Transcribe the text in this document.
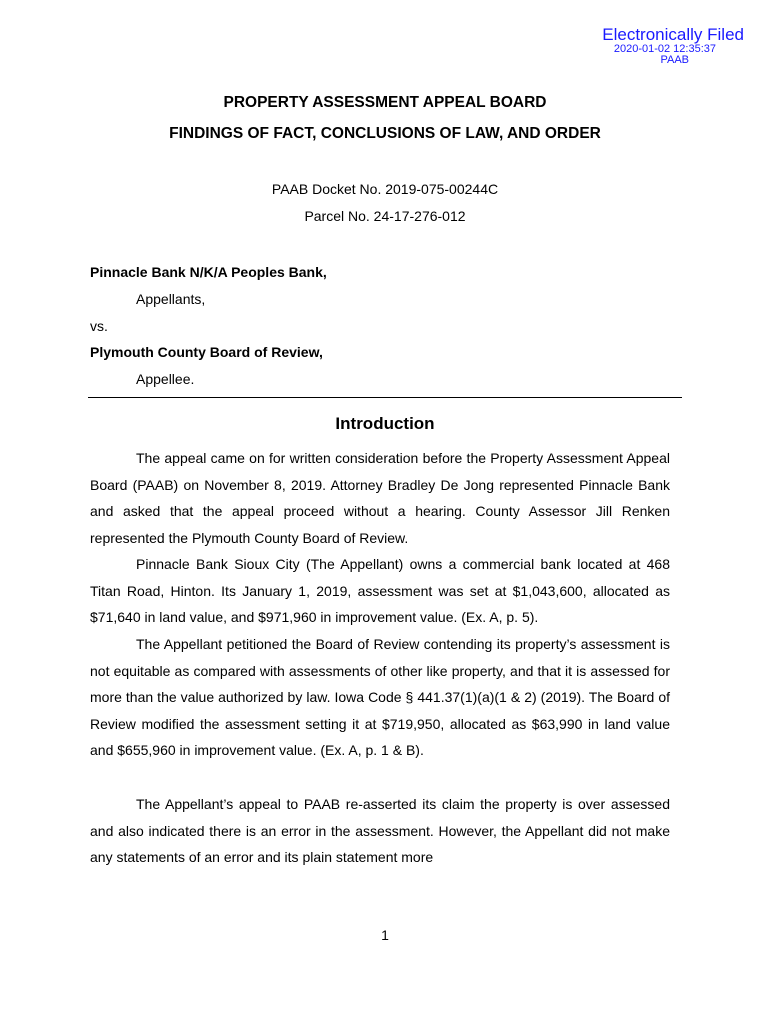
Electronically Filed
2020-01-02 12:35:37
PAAB
PROPERTY ASSESSMENT APPEAL BOARD
FINDINGS OF FACT, CONCLUSIONS OF LAW, AND ORDER
PAAB Docket No. 2019-075-00244C
Parcel No. 24-17-276-012
Pinnacle Bank N/K/A Peoples Bank,
Appellants,
vs.
Plymouth County Board of Review,
Appellee.
Introduction

The appeal came on for written consideration before the Property Assessment Appeal Board (PAAB) on November 8, 2019. Attorney Bradley De Jong represented Pinnacle Bank and asked that the appeal proceed without a hearing. County Assessor Jill Renken represented the Plymouth County Board of Review.

Pinnacle Bank Sioux City (The Appellant) owns a commercial bank located at 468 Titan Road, Hinton. Its January 1, 2019, assessment was set at $1,043,600, allocated as $71,640 in land value, and $971,960 in improvement value. (Ex. A, p. 5).

The Appellant petitioned the Board of Review contending its property’s assessment is not equitable as compared with assessments of other like property, and that it is assessed for more than the value authorized by law. Iowa Code § 441.37(1)(a)(1 & 2) (2019). The Board of Review modified the assessment setting it at $719,950, allocated as $63,990 in land value and $655,960 in improvement value. (Ex. A, p. 1 & B).

The Appellant’s appeal to PAAB re-asserted its claim the property is over assessed and also indicated there is an error in the assessment. However, the Appellant did not make any statements of an error and its plain statement more

1
